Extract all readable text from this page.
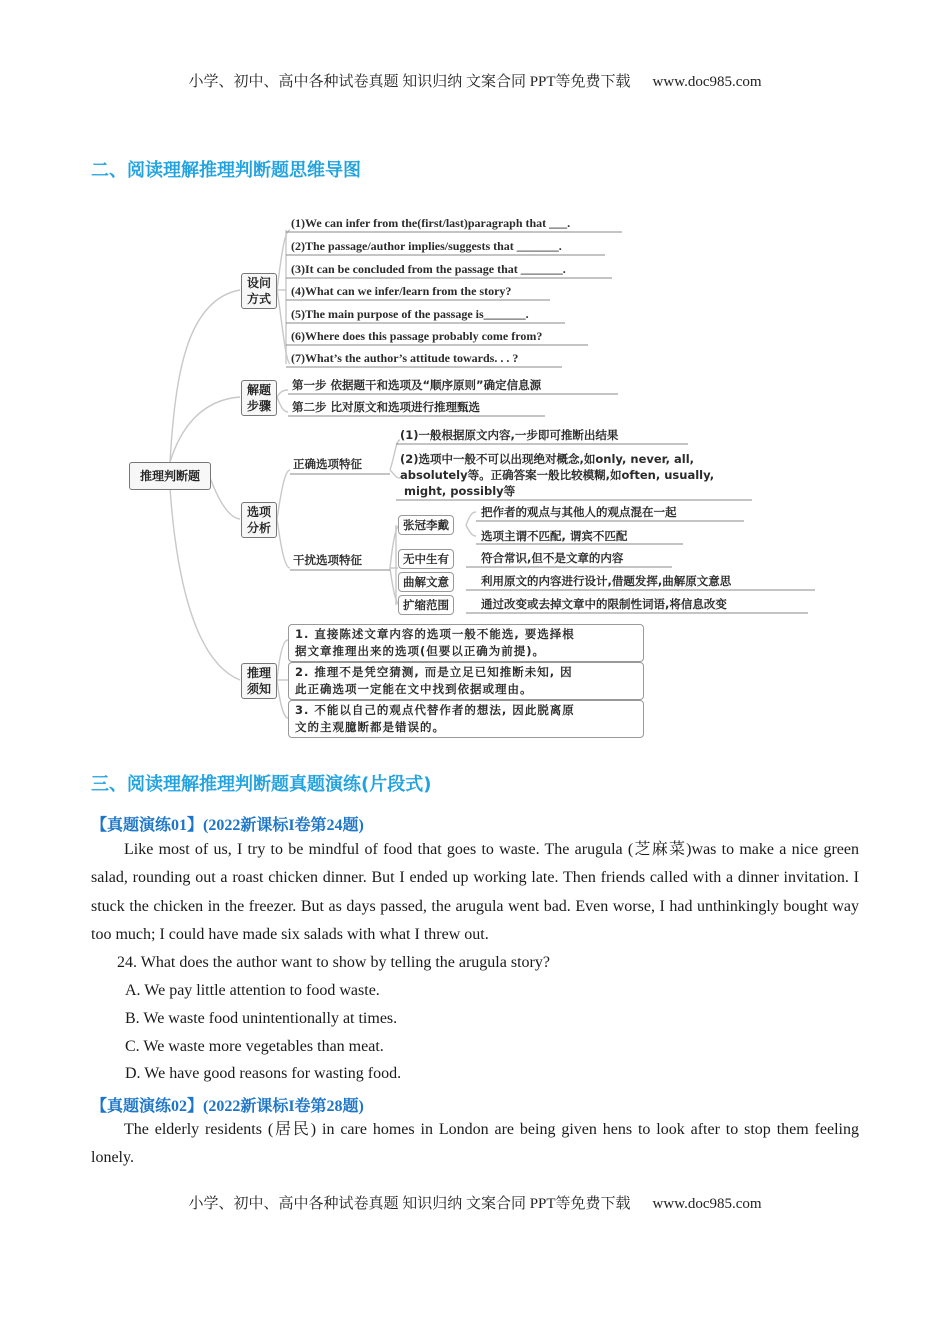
小学、初中、高中各种试卷真题 知识归纳 文案合同 PPT等免费下载 www.doc985.com
二、阅读理解推理判断题思维导图
推理判断题
设问方式
解题步骤
选项分析
推理须知
(1)We can infer from the(first/last)paragraph that ___.
(2)The passage/author implies/suggests that _______.
(3)It can be concluded from the passage that _______.
(4)What can we infer/learn from the story?
(5)The main purpose of the passage is_______.
(6)Where does this passage probably come from?
(7)What’s the author’s attitude towards. . . ?
第一步 依据题干和选项及“顺序原则”确定信息源
第二步 比对原文和选项进行推理甄选
正确选项特征
(1)一般根据原文内容,一步即可推断出结果
(2)选项中一般不可以出现绝对概念,如only, never, all,
absolutely等。正确答案一般比较模糊,如often, usually,
might, possibly等
干扰选项特征
张冠李戴
把作者的观点与其他人的观点混在一起
选项主谓不匹配, 谓宾不匹配
无中生有	符合常识,但不是文章的内容
曲解文意	利用原文的内容进行设计,借题发挥,曲解原文意思
扩缩范围	通过改变或去掉文章中的限制性词语,将信息改变
1. 直接陈述文章内容的选项一般不能选, 要选择根
据文章推理出来的选项(但要以正确为前提)。
2. 推理不是凭空猜测, 而是立足已知推断未知, 因
此正确选项一定能在文中找到依据或理由。
3. 不能以自己的观点代替作者的想法, 因此脱离原
文的主观臆断都是错误的。
三、阅读理解推理判断题真题演练(片段式)
【真题演练01】(2022新课标I卷第24题)
Like most of us, I try to be mindful of food that goes to waste. The arugula (芝麻菜)was to make a nice green salad, rounding out a roast chicken dinner. But I ended up working late. Then friends called with a dinner invitation. I stuck the chicken in the freezer. But as days passed, the arugula went bad. Even worse, I had unthinkingly bought way too much; I could have made six salads with what I threw out.
24. What does the author want to show by telling the arugula story?
A. We pay little attention to food waste.
B. We waste food unintentionally at times.
C. We waste more vegetables than meat.
D. We have good reasons for wasting food.
【真题演练02】(2022新课标I卷第28题)
The elderly residents (居民) in care homes in London are being given hens to look after to stop them feeling lonely.
小学、初中、高中各种试卷真题 知识归纳 文案合同 PPT等免费下载 www.doc985.com
